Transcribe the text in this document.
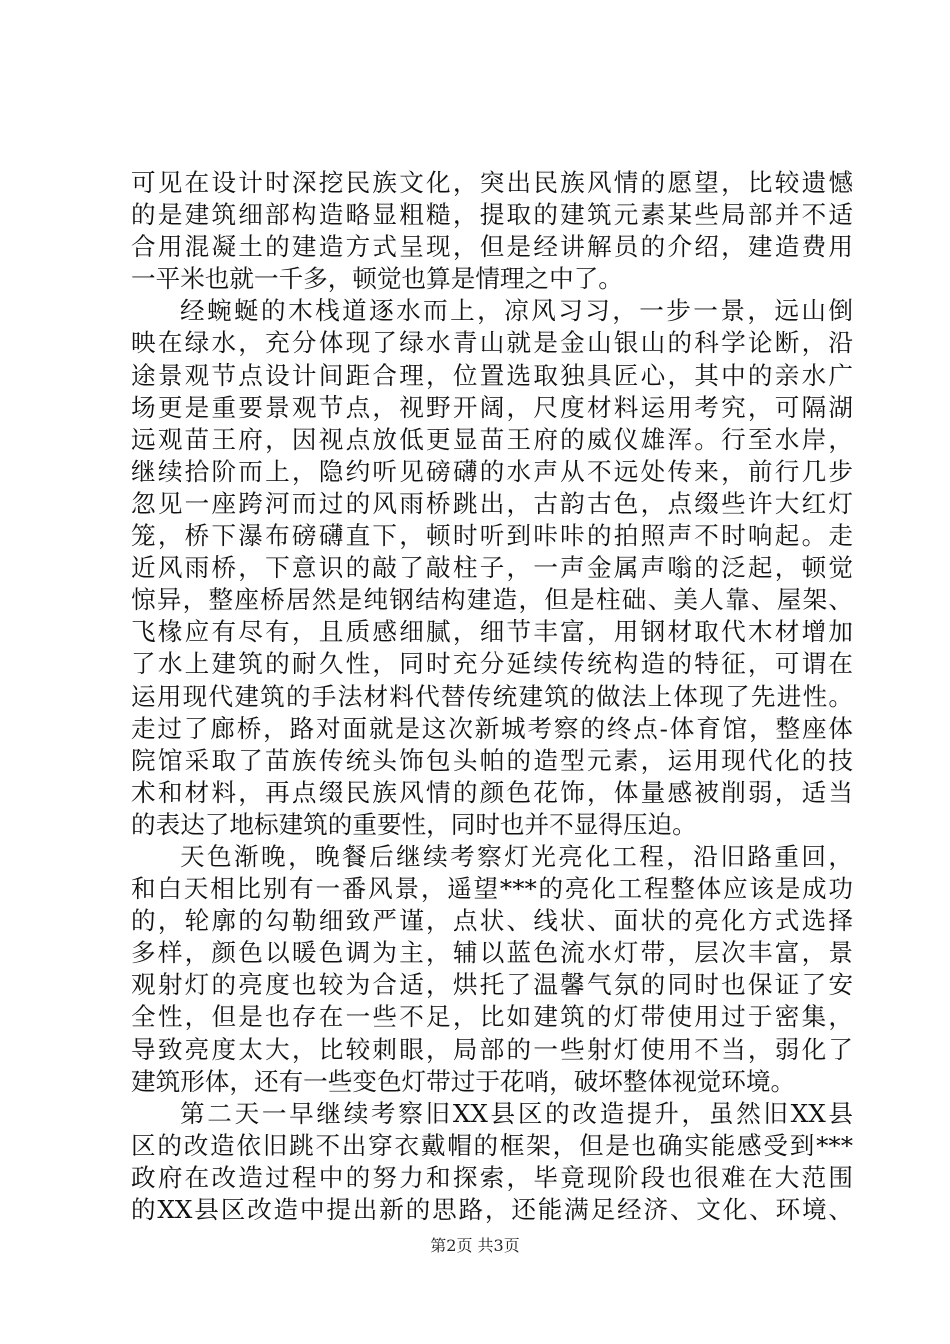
可见在设计时深挖民族文化，突出民族风情的愿望，比较遗憾
的是建筑细部构造略显粗糙，提取的建筑元素某些局部并不适
合用混凝土的建造方式呈现，但是经讲解员的介绍，建造费用
一平米也就一千多，顿觉也算是情理之中了。
经蜿蜒的木栈道逐水而上，凉风习习，一步一景，远山倒
映在绿水，充分体现了绿水青山就是金山银山的科学论断，沿
途景观节点设计间距合理，位置选取独具匠心，其中的亲水广
场更是重要景观节点，视野开阔，尺度材料运用考究，可隔湖
远观苗王府，因视点放低更显苗王府的威仪雄浑。行至水岸，
继续拾阶而上，隐约听见磅礴的水声从不远处传来，前行几步
忽见一座跨河而过的风雨桥跳出，古韵古色，点缀些许大红灯
笼，桥下瀑布磅礴直下，顿时听到咔咔的拍照声不时响起。走
近风雨桥，下意识的敲了敲柱子，一声金属声嗡的泛起，顿觉
惊异，整座桥居然是纯钢结构建造，但是柱础、美人靠、屋架、
飞椽应有尽有，且质感细腻，细节丰富，用钢材取代木材增加
了水上建筑的耐久性，同时充分延续传统构造的特征，可谓在
运用现代建筑的手法材料代替传统建筑的做法上体现了先进性。
走过了廊桥，路对面就是这次新城考察的终点-体育馆，整座体
院馆采取了苗族传统头饰包头帕的造型元素，运用现代化的技
术和材料，再点缀民族风情的颜色花饰，体量感被削弱，适当
的表达了地标建筑的重要性，同时也并不显得压迫。
天色渐晚，晚餐后继续考察灯光亮化工程，沿旧路重回，
和白天相比别有一番风景，遥望***的亮化工程整体应该是成功
的，轮廓的勾勒细致严谨，点状、线状、面状的亮化方式选择
多样，颜色以暖色调为主，辅以蓝色流水灯带，层次丰富，景
观射灯的亮度也较为合适，烘托了温馨气氛的同时也保证了安
全性，但是也存在一些不足，比如建筑的灯带使用过于密集，
导致亮度太大，比较刺眼，局部的一些射灯使用不当，弱化了
建筑形体，还有一些变色灯带过于花哨，破坏整体视觉环境。
第二天一早继续考察旧XX县区的改造提升，虽然旧XX县
区的改造依旧跳不出穿衣戴帽的框架，但是也确实能感受到***
政府在改造过程中的努力和探索，毕竟现阶段也很难在大范围
的XX县区改造中提出新的思路，还能满足经济、文化、环境、
第2页 共3页
